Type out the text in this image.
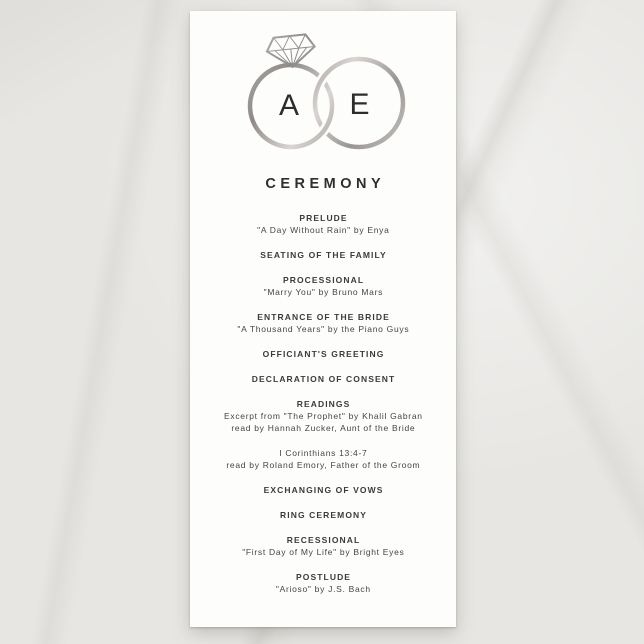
A E
CEREMONY
PRELUDE
"A Day Without Rain" by Enya
SEATING OF THE FAMILY
PROCESSIONAL
"Marry You" by Bruno Mars
ENTRANCE OF THE BRIDE
"A Thousand Years" by the Piano Guys
OFFICIANT'S GREETING
DECLARATION OF CONSENT
READINGS
Excerpt from "The Prophet" by Khalil Gabran
read by Hannah Zucker, Aunt of the Bride
I Corinthians 13:4-7
read by Roland Emory, Father of the Groom
EXCHANGING OF VOWS
RING CEREMONY
RECESSIONAL
"First Day of My Life" by Bright Eyes
POSTLUDE
"Arioso" by J.S. Bach
